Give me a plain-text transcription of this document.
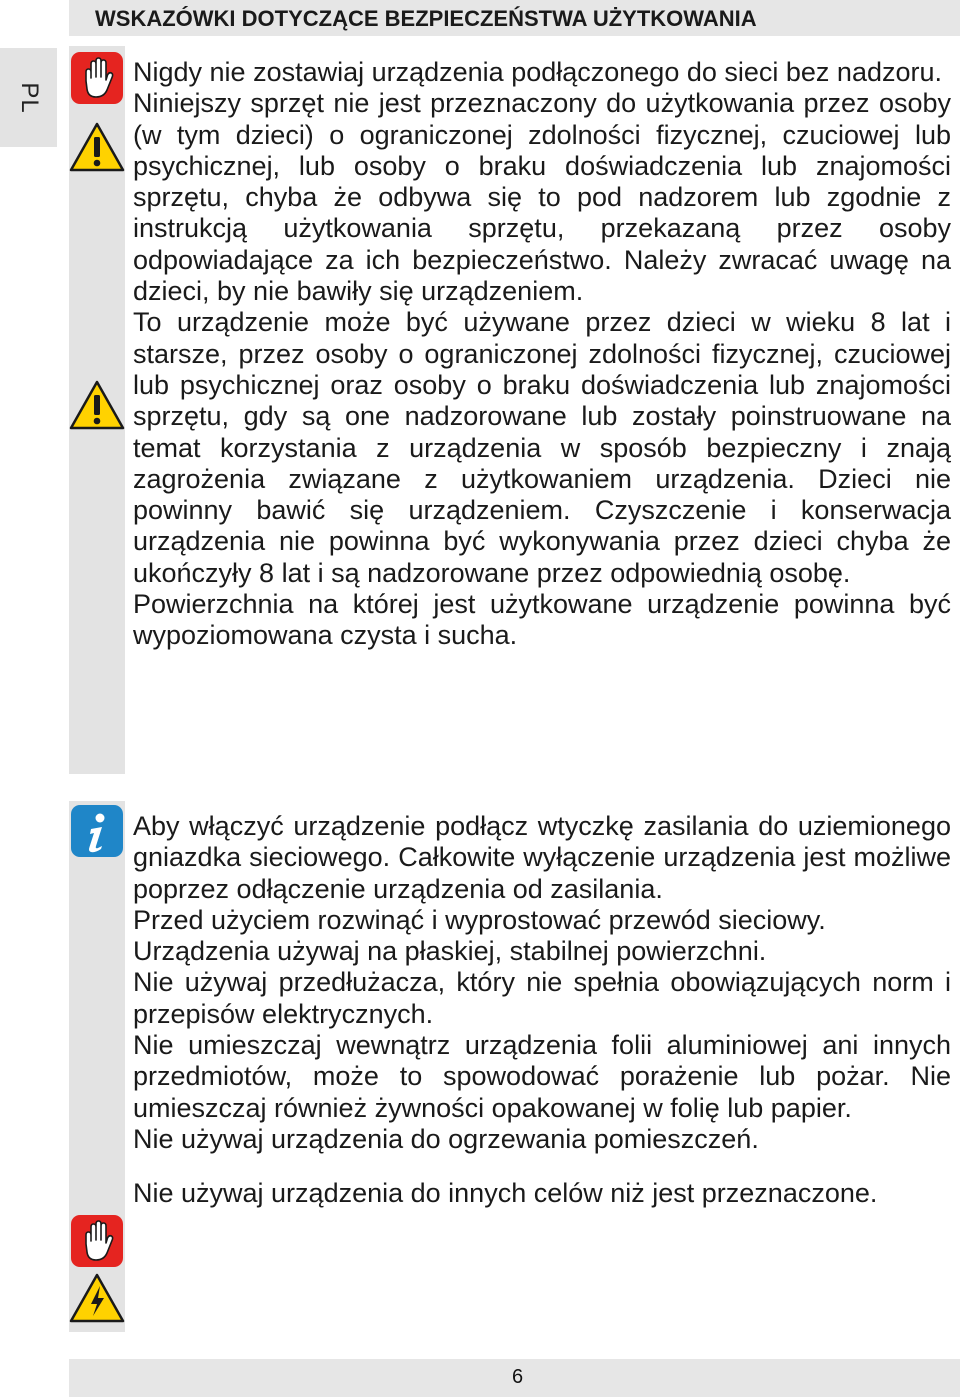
PL
WSKAZÓWKI DOTYCZĄCE BEZPIECZEŃSTWA UŻYTKOWANIA

Nigdy nie zostawiaj urządzenia podłączonego do sieci bez nadzoru.

Niniejszy sprzęt nie jest przeznaczony do użytkowania przez osoby (w tym dzieci) o ograniczonej zdolności fizycznej, czuciowej lub psychicznej, lub osoby o braku doświadczenia lub znajomości sprzętu, chyba że odbywa się to pod nadzorem lub zgodnie z instrukcją użytkowania sprzętu, przekazaną przez osoby odpowiadające za ich bezpieczeństwo. Należy zwracać uwagę na dzieci, by nie bawiły się urządzeniem.

To urządzenie może być używane przez dzieci w wieku 8 lat i starsze, przez osoby o ograniczonej zdolności fizycznej, czuciowej lub psychicznej oraz osoby o braku doświadczenia lub znajomości sprzętu, gdy są one nadzorowane lub zostały poinstruowane na temat korzystania z urządzenia w sposób bezpieczny i znają zagrożenia związane z użytkowaniem urządzenia. Dzieci nie powinny bawić się urządzeniem. Czyszczenie i konserwacja urządzenia nie powinna być wykonywania przez dzieci chyba że ukończyły 8 lat i są nadzorowane przez odpowiednią osobę.

Powierzchnia na której jest użytkowane urządzenie powinna być wypoziomowana czysta i sucha.

Aby włączyć urządzenie podłącz wtyczkę zasilania do uziemionego gniazdka sieciowego. Całkowite wyłączenie urządzenia jest możliwe poprzez odłączenie urządzenia od zasilania.

Przed użyciem rozwinąć i wyprostować przewód sieciowy.

Urządzenia używaj na płaskiej, stabilnej powierzchni.

Nie używaj przedłużacza, który nie spełnia obowiązujących norm i przepisów elektrycznych.

Nie umieszczaj wewnątrz urządzenia folii aluminiowej ani innych przedmiotów, może to spowodować porażenie lub pożar. Nie umieszczaj również żywności opakowanej w folię lub papier.

Nie używaj urządzenia do ogrzewania pomieszczeń.

Nie używaj urządzenia do innych celów niż jest przeznaczone.

6
